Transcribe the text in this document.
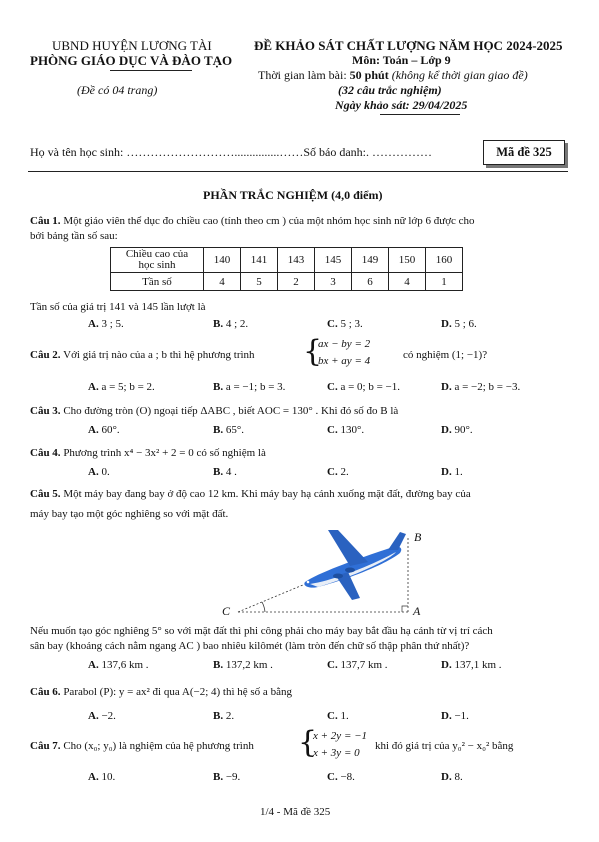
UBND HUYỆN LƯƠNG TÀI
PHÒNG GIÁO DỤC VÀ ĐÀO TẠO
(Đề có 04 trang)
ĐỀ KHẢO SÁT CHẤT LƯỢNG NĂM HỌC 2024-2025
Môn: Toán – Lớp 9
Thời gian làm bài: 50 phút (không kể thời gian giao đề)
(32 câu trắc nghiệm)
Ngày khảo sát: 29/04/2025
Họ và tên học sinh: ………………………...............……Số báo danh:. ……………	Mã đề 325
PHẦN TRẮC NGHIỆM (4,0 điểm)
Câu 1. Một giáo viên thể dục đo chiều cao (tính theo cm ) của một nhóm học sinh nữ lớp 6 được cho
bởi bảng tần số sau:
Chiều cao của
học sinh	140	141	143	145	149	150	160
Tần số	4	5	2	3	6	4	1
Tần số của giá trị 141 và 145 lần lượt là
A. 3 ; 5.	B. 4 ; 2.	C. 5 ; 3.	D. 5 ; 6.
Câu 2. Với giá trị nào của a ; b thì hệ phương trình {
ax − by = 2
bx + ay = 4	có nghiệm (1; −1)?
A. a = 5; b = 2.	B. a = −1; b = 3.	C. a = 0; b = −1.	D. a = −2; b = −3.
Câu 3. Cho đường tròn (O) ngoại tiếp ΔABC , biết AOC = 130° . Khi đó số đo B là
A. 60°.	B. 65°.	C. 130°.	D. 90°.
Câu 4. Phương trình x⁴ − 3x² + 2 = 0 có số nghiệm là
A. 0.	B. 4 .	C. 2.	D. 1.
Câu 5. Một máy bay đang bay ở độ cao 12 km. Khi máy bay hạ cánh xuống mặt đất, đường bay của
máy bay tạo một góc nghiêng so với mặt đất.
B
A
C
Nếu muốn tạo góc nghiêng 5° so với mặt đất thì phi công phải cho máy bay bắt đầu hạ cánh từ vị trí cách
sân bay (khoảng cách nằm ngang AC ) bao nhiêu kilômét (làm tròn đến chữ số thập phân thứ nhất)?
A. 137,6 km .	B. 137,2 km .	C. 137,7 km .	D. 137,1 km .
Câu 6. Parabol (P): y = ax² đi qua A(−2; 4) thì hệ số a bằng
A. −2.	B. 2.	C. 1.	D. −1.
Câu 7. Cho (x₀; y₀) là nghiệm của hệ phương trình {
x + 2y = −1
x + 3y = 0
khi đó giá trị của y₀² − x₀² bằng
A. 10.	B. −9.	C. −8.	D. 8.
1/4 - Mã đề 325
